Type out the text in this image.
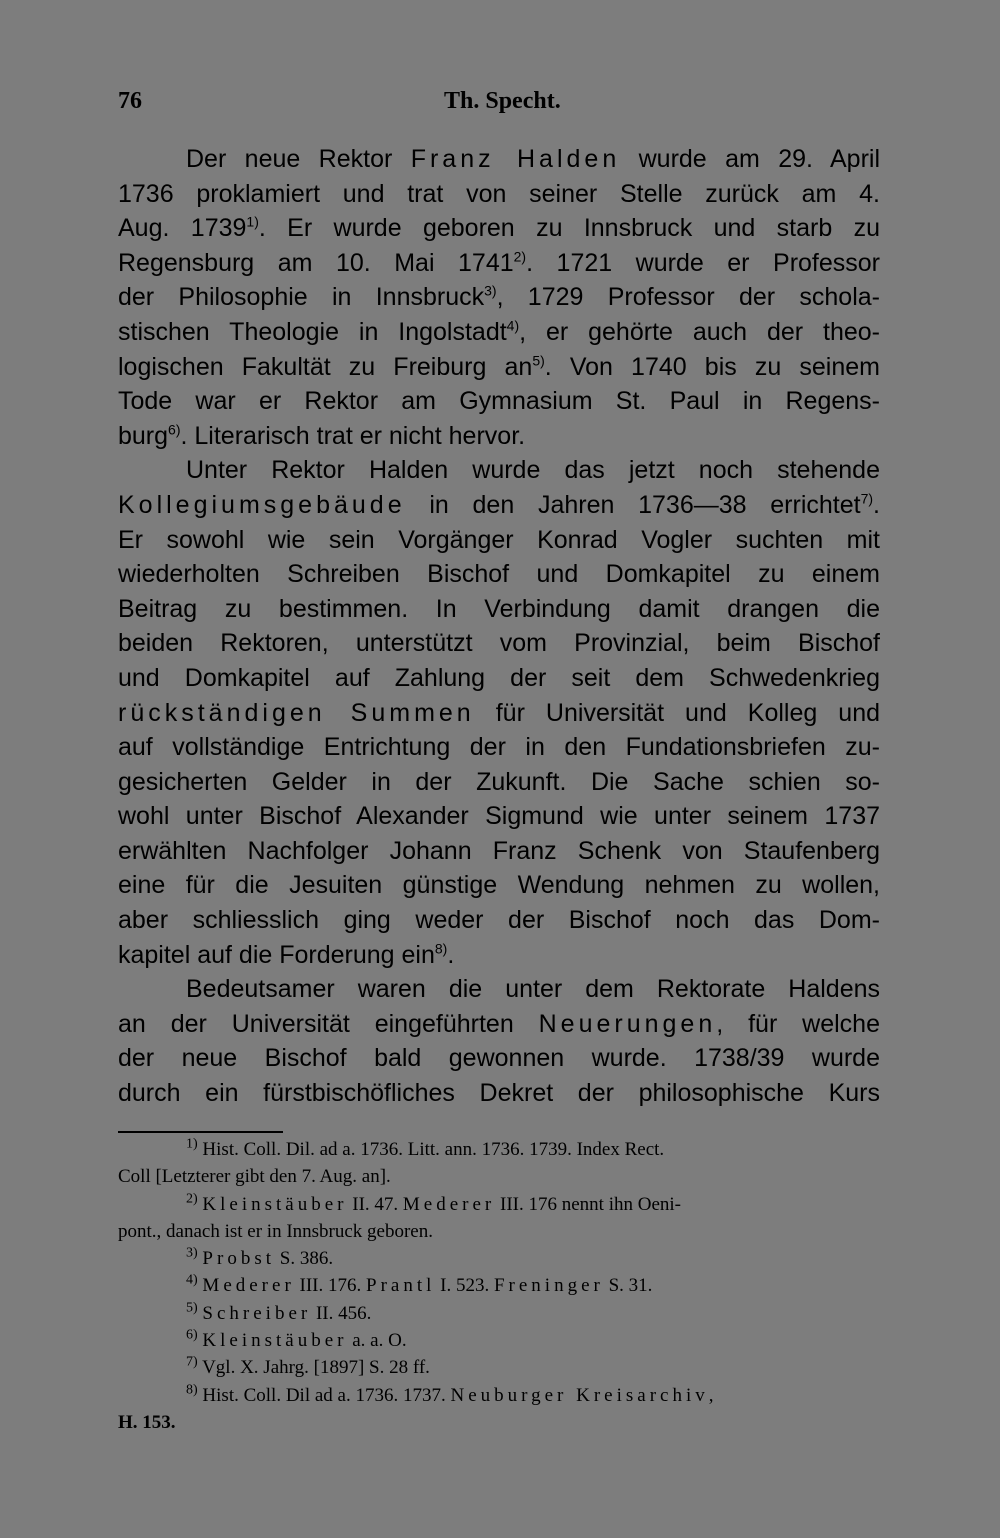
76	Th. Specht.
Der neue Rektor Franz Halden wurde am 29. April
1736 proklamiert und trat von seiner Stelle zurück am 4.
Aug. 1739$^{1)}$. Er wurde geboren zu Innsbruck und starb zu
Regensburg am 10. Mai 1741$^{2)}$. 1721 wurde er Professor
der Philosophie in Innsbruck$^{3)}$, 1729 Professor der schola-
stischen Theologie in Ingolstadt$^{4)}$, er gehörte auch der theo-
logischen Fakultät zu Freiburg $an^{5)}$. Von 1740 bis zu seinem
Tode war er Rektor am Gymnasium St. Paul in Regens-
burg$^{6)}$. Literarisch trat er nicht hervor.
Unter Rektor Halden wurde das jetzt noch stehende
Kollegiumsgebäude in den Jahren 1736—38 errichtet$^{7)}$.
Er sowohl wie sein Vorgänger Konrad Vogler suchten mit
wiederholten Schreiben Bischof und Domkapitel zu einem
Beitrag zu bestimmen. In Verbindung damit drangen die
beiden Rektoren, unterstützt vom Provinzial, beim Bischof
und Domkapitel auf Zahlung der seit dem Schwedenkrieg
rückständigen Summen für Universität und Kolleg und
auf vollständige Entrichtung der in den Fundationsbriefen zu-
gesicherten Gelder in der Zukunft. Die Sache schien so-
wohl unter Bischof Alexander Sigmund wie unter seinem 1737
erwählten Nachfolger Johann Franz Schenk von Staufenberg
eine für die Jesuiten günstige Wendung nehmen zu wollen,
aber schliesslich ging weder der Bischof noch das Dom-
kapitel auf die Forderung ein$^{8)}$.
Bedeutsamer waren die unter dem Rektorate Haldens
an der Universität eingeführten Neuerungen, für welche
der neue Bischof bald gewonnen wurde. 1738/39 wurde
durch ein fürstbischöfliches Dekret der philosophische Kurs
$^{1)}$ Hist. Coll. Dil. ad a. 1736. Litt. ann. 1736. 1739. Index Rect.
Coll [Letzterer gibt den 7. Aug. an].
$^{2)}$ Kleinstäuber II. 47. Mederer III. 176 nennt ihn Oeni-
pont., danach ist er in Innsbruck geboren.
$^{3)}$ Probst S. 386.
$^{4)}$ Mederer III. 176. Prantl I. 523. Freninger S. 31.
$^{5)}$ Schreiber II. 456.
$^{6)}$ Kleinstäuber a. a. O.
$^{7)}$ Vgl. X. Jahrg. [1897] S. 28 ff.
$^{8)}$ Hist. Coll. Dil ad a. 1736. 1737. Neuburger Kreisarchiv,
H. 153.
